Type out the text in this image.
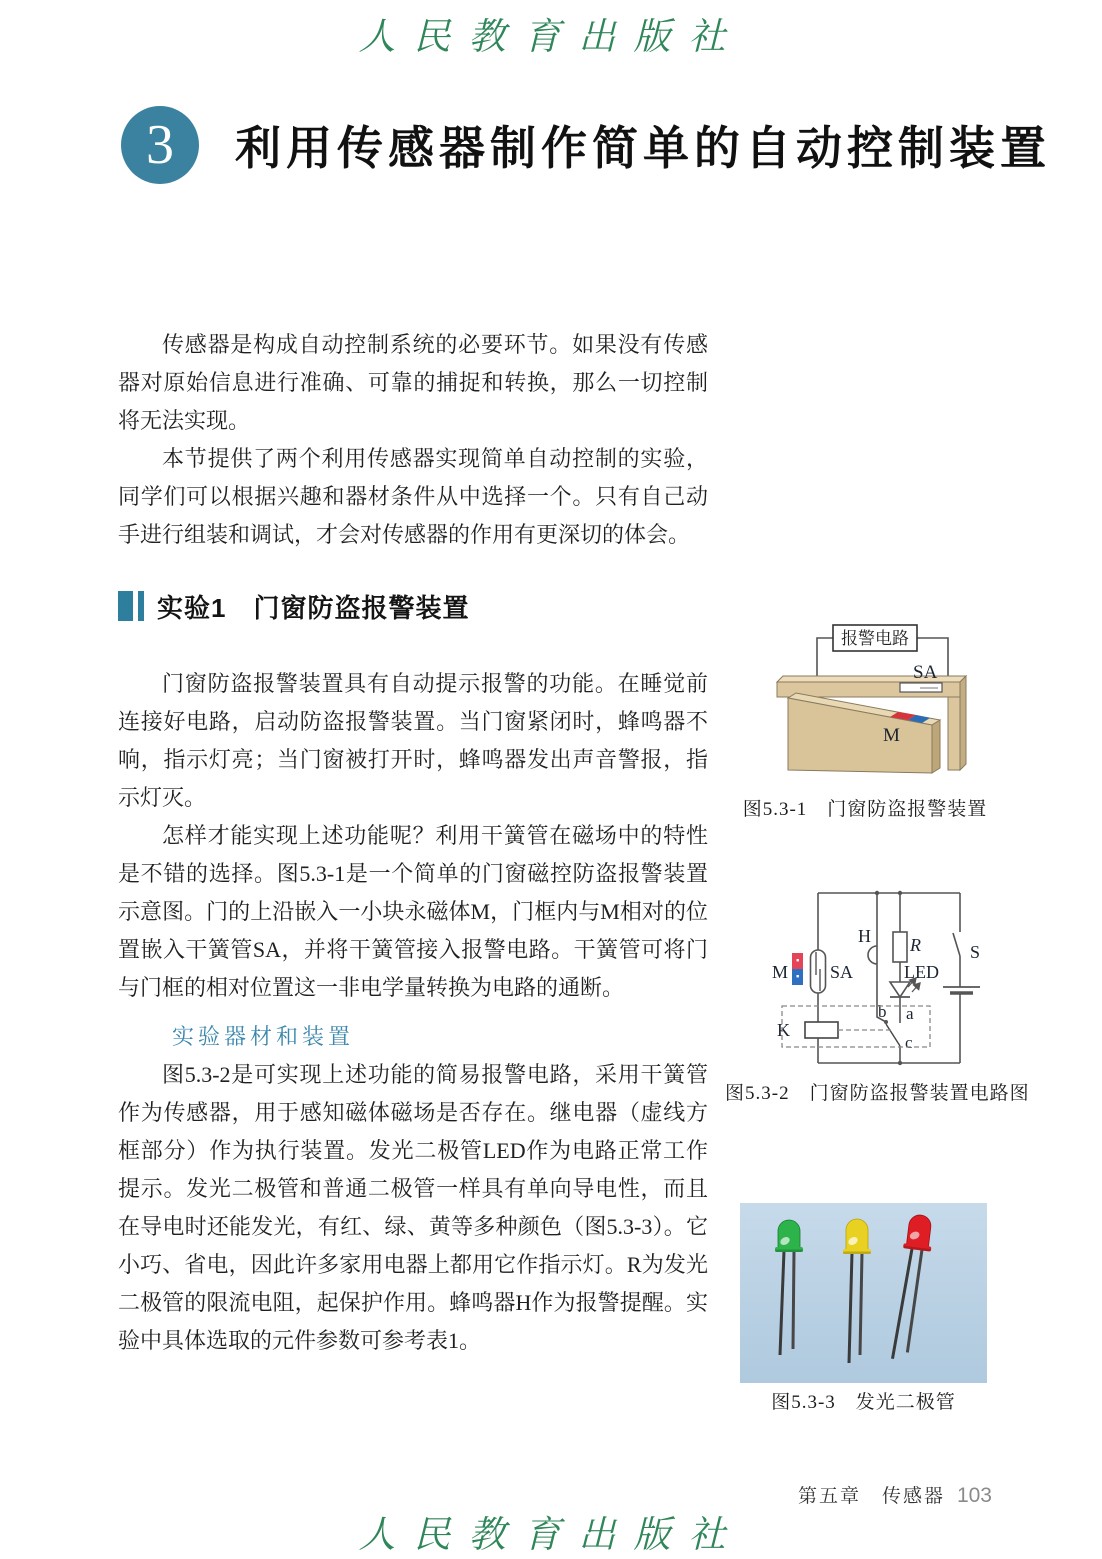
人民教育出版社
3	利用传感器制作简单的自动控制装置

传感器是构成自动控制系统的必要环节。如果没有传感器对原始信息进行准确、可靠的捕捉和转换，那么一切控制将无法实现。

本节提供了两个利用传感器实现简单自动控制的实验，同学们可以根据兴趣和器材条件从中选择一个。只有自己动手进行组装和调试，才会对传感器的作用有更深切的体会。

实验1　门窗防盗报警装置

门窗防盗报警装置具有自动提示报警的功能。在睡觉前连接好电路，启动防盗报警装置。当门窗紧闭时，蜂鸣器不响，指示灯亮；当门窗被打开时，蜂鸣器发出声音警报，指示灯灭。

怎样才能实现上述功能呢？利用干簧管在磁场中的特性是不错的选择。图5.3-1是一个简单的门窗磁控防盗报警装置示意图。门的上沿嵌入一小块永磁体M，门框内与M相对的位置嵌入干簧管SA，并将干簧管接入报警电路。干簧管可将门与门框的相对位置这一非电学量转换为电路的通断。

实验器材和装置

图5.3-2是可实现上述功能的简易报警电路，采用干簧管作为传感器，用于感知磁体磁场是否存在。继电器（虚线方框部分）作为执行装置。发光二极管LED作为电路正常工作提示。发光二极管和普通二极管一样具有单向导电性，而且在导电时还能发光，有红、绿、黄等多种颜色（图5.3-3）。它小巧、省电，因此许多家用电器上都用它作指示灯。R为发光二极管的限流电阻，起保护作用。蜂鸣器H作为报警提醒。实验中具体选取的元件参数可参考表1。

报警电路
SA
M
图5.3-1　门窗防盗报警装置
K
M SA
H
b
R
LED
a
c
S
图5.3-2　门窗防盗报警装置电路图
图5.3-3　发光二极管
第五章　传感器 103
人民教育出版社
